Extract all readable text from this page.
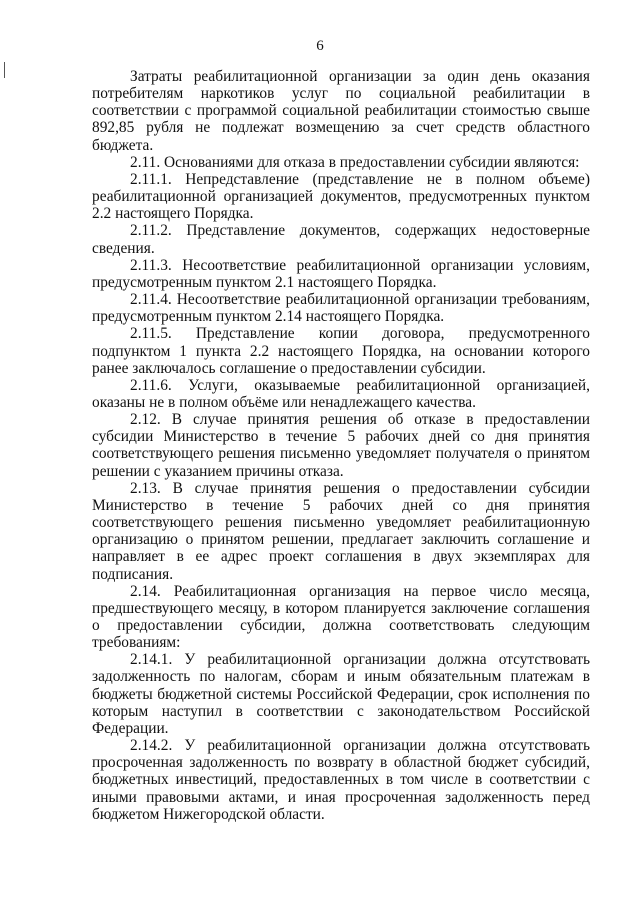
6

Затраты реабилитационной организации за один день оказания потребителям наркотиков услуг по социальной реабилитации в соответствии с программой социальной реабилитации стоимостью свыше 892,85 рубля не подлежат возмещению за счет средств областного бюджета.

2.11. Основаниями для отказа в предоставлении субсидии являются:

2.11.1. Непредставление (представление не в полном объеме) реабилитационной организацией документов, предусмотренных пунктом 2.2 настоящего Порядка.

2.11.2. Представление документов, содержащих недостоверные сведения.

2.11.3. Несоответствие реабилитационной организации условиям, предусмотренным пунктом 2.1 настоящего Порядка.

2.11.4. Несоответствие реабилитационной организации требованиям, предусмотренным пунктом 2.14 настоящего Порядка.

2.11.5. Представление копии договора, предусмотренного подпунктом 1 пункта 2.2 настоящего Порядка, на основании которого ранее заключалось соглашение о предоставлении субсидии.

2.11.6. Услуги, оказываемые реабилитационной организацией, оказаны не в полном объёме или ненадлежащего качества.

2.12. В случае принятия решения об отказе в предоставлении субсидии Министерство в течение 5 рабочих дней со дня принятия соответствующего решения письменно уведомляет получателя о принятом решении с указанием причины отказа.

2.13. В случае принятия решения о предоставлении субсидии Министерство в течение 5 рабочих дней со дня принятия соответствующего решения письменно уведомляет реабилитационную организацию о принятом решении, предлагает заключить соглашение и направляет в ее адрес проект соглашения в двух экземплярах для подписания.

2.14. Реабилитационная организация на первое число месяца, предшествующего месяцу, в котором планируется заключение соглашения о предоставлении субсидии, должна соответствовать следующим требованиям:

2.14.1. У реабилитационной организации должна отсутствовать задолженность по налогам, сборам и иным обязательным платежам в бюджеты бюджетной системы Российской Федерации, срок исполнения по которым наступил в соответствии с законодательством Российской Федерации.

2.14.2. У реабилитационной организации должна отсутствовать просроченная задолженность по возврату в областной бюджет субсидий, бюджетных инвестиций, предоставленных в том числе в соответствии с иными правовыми актами, и иная просроченная задолженность перед бюджетом Нижегородской области.
